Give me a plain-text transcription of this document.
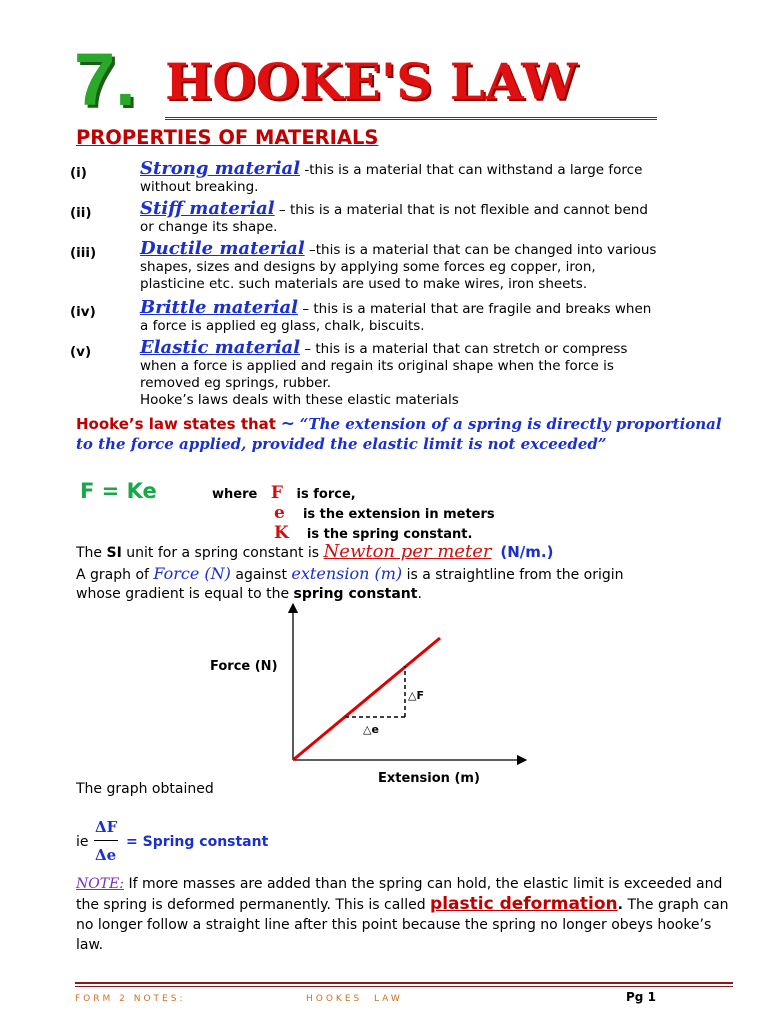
7. HOOKE'S LAW
PROPERTIES OF MATERIALS
(i)	Strong material -this is a material that can withstand a large force
without breaking.
(ii)	Stiff material – this is a material that is not flexible and cannot bend
or change its shape.
(iii) Ductile material –this is a material that can be changed into various
shapes, sizes and designs by applying some forces eg copper, iron,
plasticine etc. such materials are used to make wires, iron sheets.
(iv) Brittle material – this is a material that are fragile and breaks when
a force is applied eg glass, chalk, biscuits.
(v)	Elastic material – this is a material that can stretch or compress
when a force is applied and regain its original shape when the force is
removed eg springs, rubber.
Hooke’s laws deals with these elastic materials
Hooke’s law states that ~ “The extension of a spring is directly proportional to the force applied, provided the elastic limit is not exceeded”
F = Ke	where F is force,
e is the extension in meters
K is the spring constant.
The SI unit for a spring constant is Newton per meter (N/m.)
A graph of Force (N) against extension (m) is a straightline from the origin
whose gradient is equal to the spring constant.
Force (N)
Extension (m)
△F
△e
The graph obtained
ie
ΔF
Δe
= Spring constant
NOTE: If more masses are added than the spring can hold, the elastic limit is exceeded and the spring is deformed permanently. This is called plastic deformation. The graph can no longer follow a straight line after this point because the spring no longer obeys hooke’s law.
FORM 2 NOTES:	HOOKES  LAW	Pg 1
